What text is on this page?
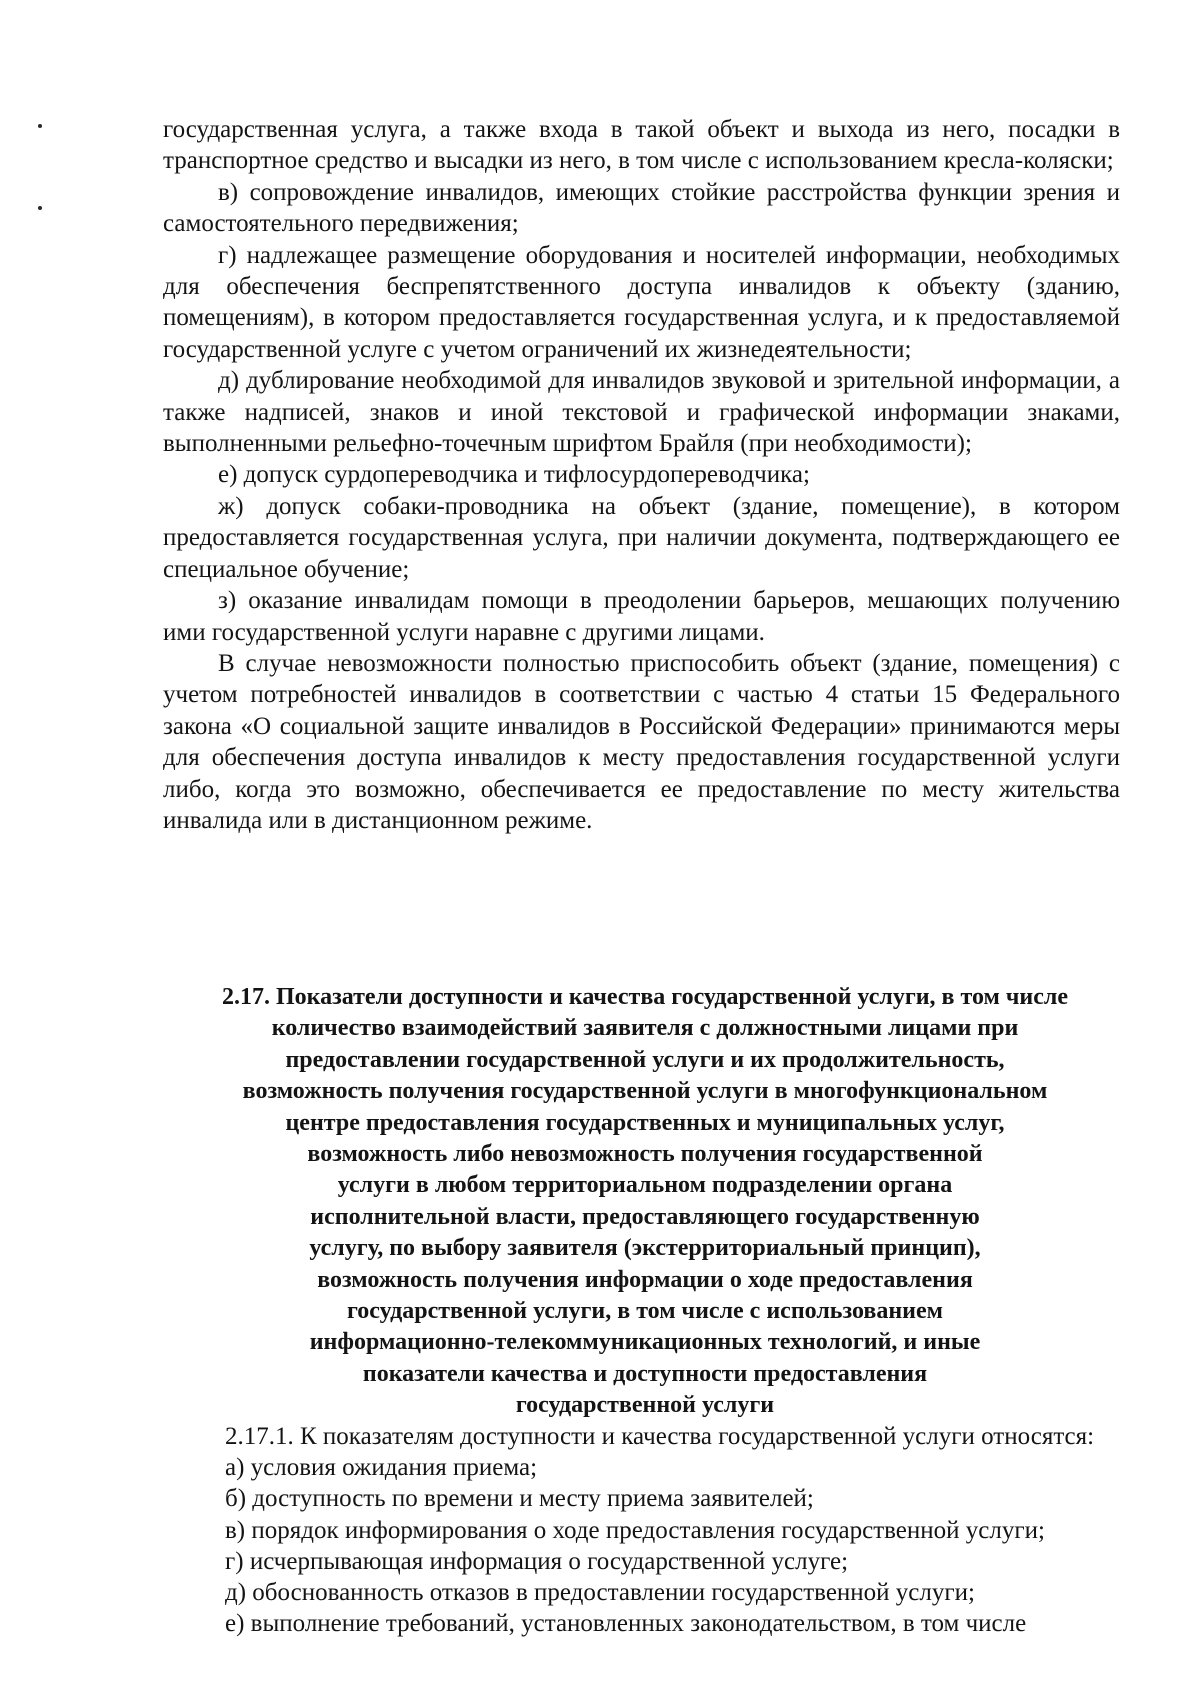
государственная услуга, а также входа в такой объект и выхода из него, посадки в транспортное средство и высадки из него, в том числе с использованием кресла-коляски;

в) сопровождение инвалидов, имеющих стойкие расстройства функции зрения и самостоятельного передвижения;

г) надлежащее размещение оборудования и носителей информации, необходимых для обеспечения беспрепятственного доступа инвалидов к объекту (зданию, помещениям), в котором предоставляется государственная услуга, и к предоставляемой государственной услуге с учетом ограничений их жизнедеятельности;

д) дублирование необходимой для инвалидов звуковой и зрительной информации, а также надписей, знаков и иной текстовой и графической информации знаками, выполненными рельефно-точечным шрифтом Брайля (при необходимости);

е) допуск сурдопереводчика и тифлосурдопереводчика;

ж) допуск собаки-проводника на объект (здание, помещение), в котором предоставляется государственная услуга, при наличии документа, подтверждающего ее специальное обучение;

з) оказание инвалидам помощи в преодолении барьеров, мешающих получению ими государственной услуги наравне с другими лицами.

В случае невозможности полностью приспособить объект (здание, помещения) с учетом потребностей инвалидов в соответствии с частью 4 статьи 15 Федерального закона «О социальной защите инвалидов в Российской Федерации» принимаются меры для обеспечения доступа инвалидов к месту предоставления государственной услуги либо, когда это возможно, обеспечивается ее предоставление по месту жительства инвалида или в дистанционном режиме.

2.17. Показатели доступности и качества государственной услуги, в том числе
количество взаимодействий заявителя с должностными лицами при
предоставлении государственной услуги и их продолжительность,
возможность получения государственной услуги в многофункциональном
центре предоставления государственных и муниципальных услуг,
возможность либо невозможность получения государственной
услуги в любом территориальном подразделении органа
исполнительной власти, предоставляющего государственную
услугу, по выбору заявителя (экстерриториальный принцип),
возможность получения информации о ходе предоставления
государственной услуги, в том числе с использованием
информационно-телекоммуникационных технологий, и иные
показатели качества и доступности предоставления
государственной услуги

2.17.1. К показателям доступности и качества государственной услуги относятся:

а) условия ожидания приема;

б) доступность по времени и месту приема заявителей;

в) порядок информирования о ходе предоставления государственной услуги;

г) исчерпывающая информация о государственной услуге;

д) обоснованность отказов в предоставлении государственной услуги;

е) выполнение требований, установленных законодательством, в том числе
